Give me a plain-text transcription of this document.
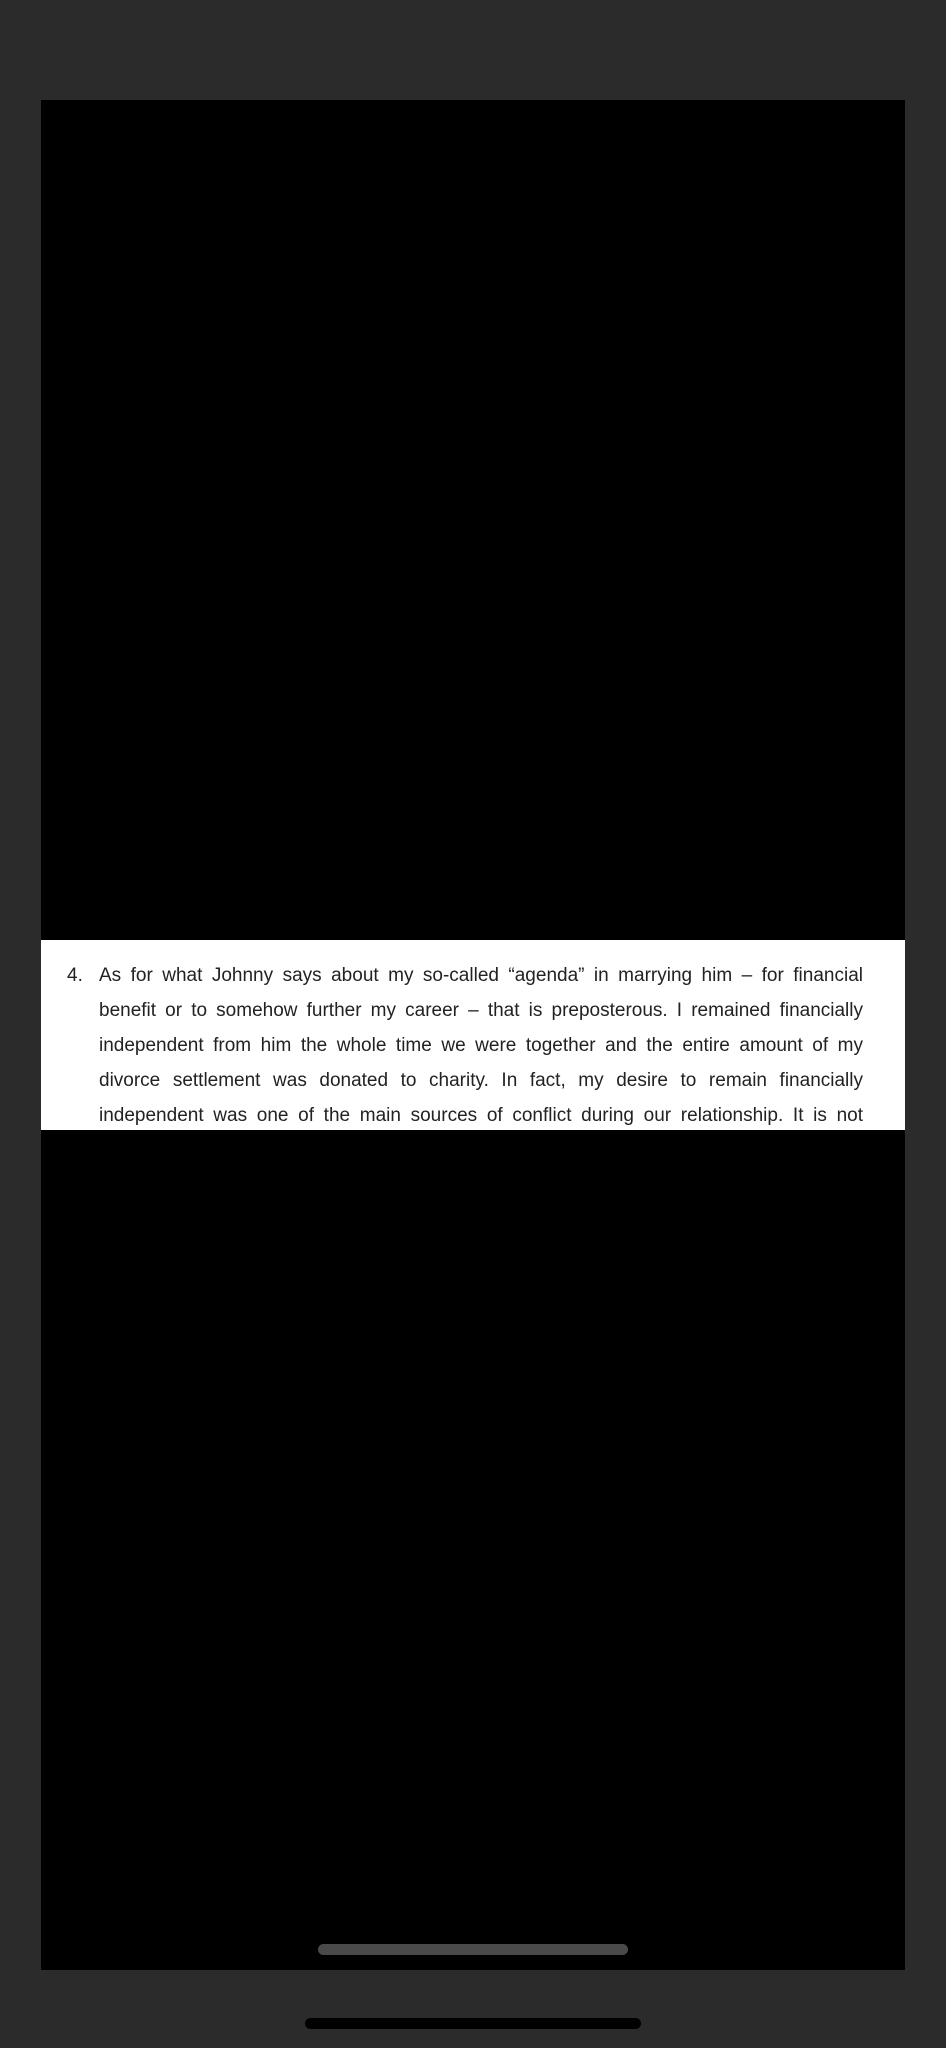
4. As for what Johnny says about my so-called “agenda” in marrying him – for financial
benefit or to somehow further my career – that is preposterous. I remained financially
independent from him the whole time we were together and the entire amount of my
divorce settlement was donated to charity. In fact, my desire to remain financially
independent was one of the main sources of conflict during our relationship. It is not
